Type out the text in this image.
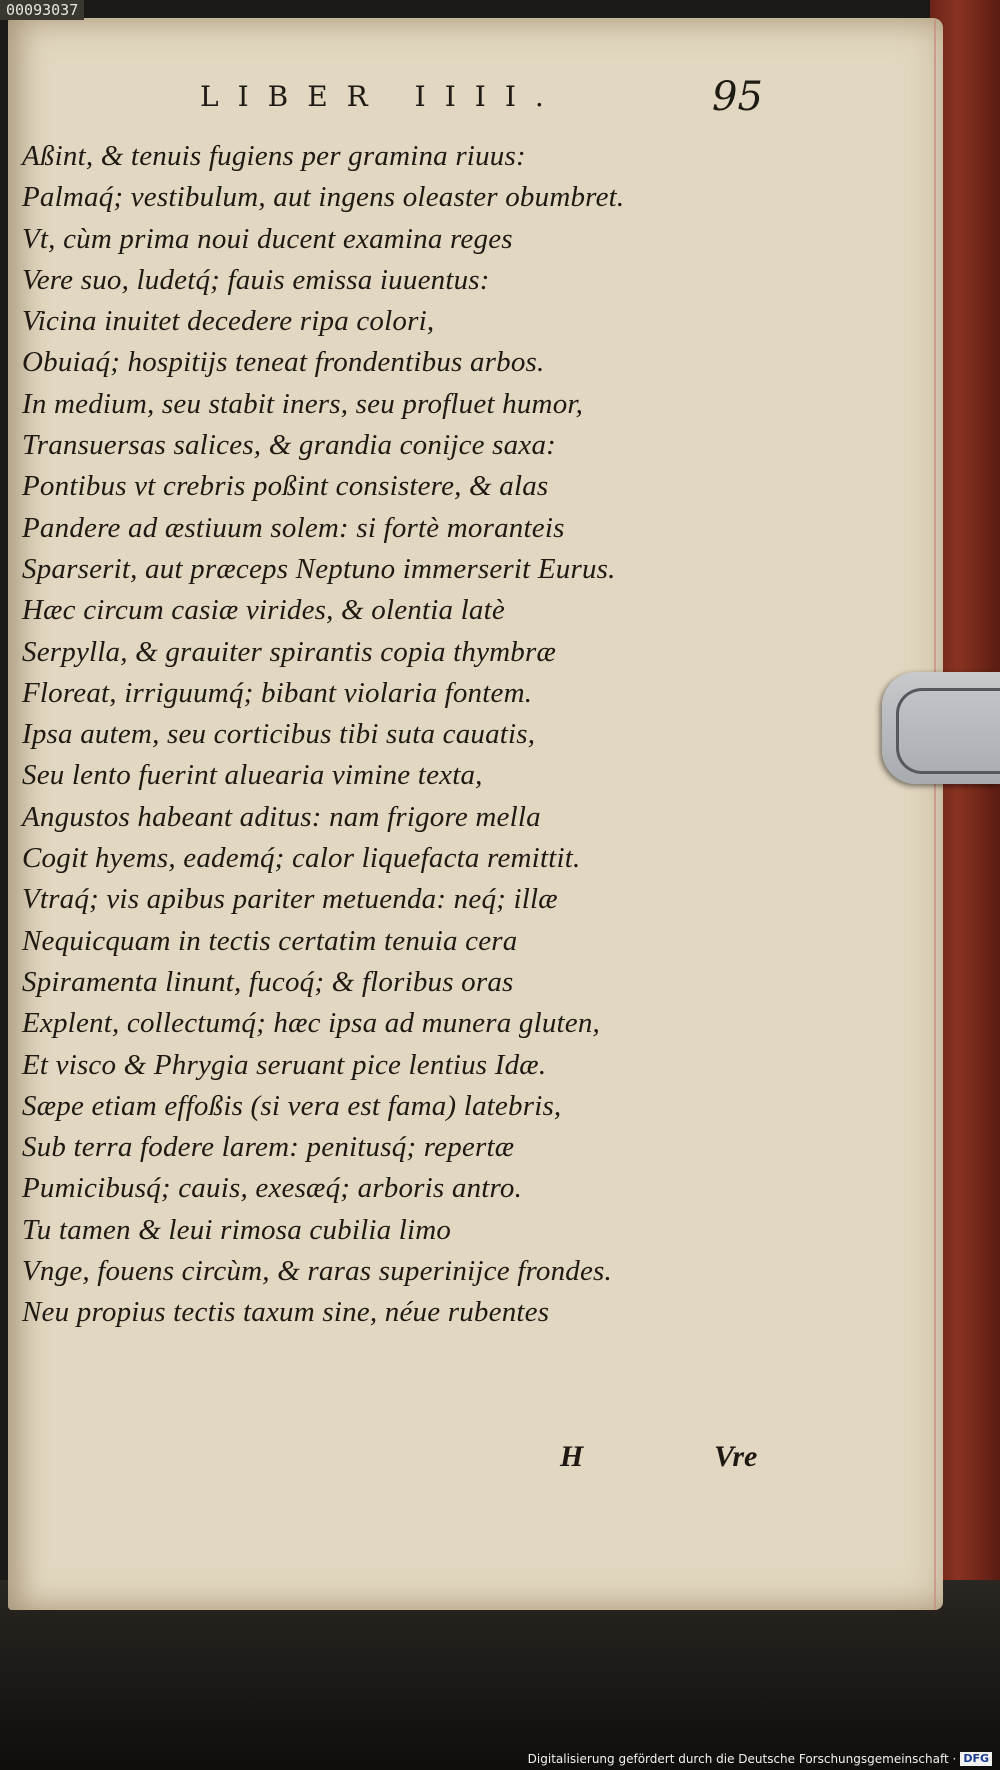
00093037
LIBER IIII.	95
Aßint, & tenuis fugiens per gramina riuus:
Palmaq́; vestibulum, aut ingens oleaster obumbret.
Vt, cùm prima noui ducent examina reges
Vere suo, ludetq́; fauis emissa iuuentus:
Vicina inuitet decedere ripa colori,
Obuiaq́; hospitijs teneat frondentibus arbos.
In medium, seu stabit iners, seu profluet humor,
Transuersas salices, & grandia conijce saxa:
Pontibus vt crebris poßint consistere, & alas
Pandere ad æstiuum solem: si fortè moranteis
Sparserit, aut præceps Neptuno immerserit Eurus.
Hæc circum casiæ virides, & olentia latè
Serpylla, & grauiter spirantis copia thymbræ
Floreat, irriguumq́; bibant violaria fontem.
Ipsa autem, seu corticibus tibi suta cauatis,
Seu lento fuerint aluearia vimine texta,
Angustos habeant aditus: nam frigore mella
Cogit hyems, eademq́; calor liquefacta remittit.
Vtraq́; vis apibus pariter metuenda: neq́; illæ
Nequicquam in tectis certatim tenuia cera
Spiramenta linunt, fucoq́; & floribus oras
Explent, collectumq́; hæc ipsa ad munera gluten,
Et visco & Phrygia seruant pice lentius Idæ.
Sæpe etiam effoßis (si vera est fama) latebris,
Sub terra fodere larem: penitusq́; repertæ
Pumicibusq́; cauis, exesæq́; arboris antro.
Tu tamen & leui rimosa cubilia limo
Vnge, fouens circùm, & raras superinijce frondes.
Neu propius tectis taxum sine, néue rubentes
H	Vre
Digitalisierung gefördert durch die Deutsche Forschungsgemeinschaft · DFG
